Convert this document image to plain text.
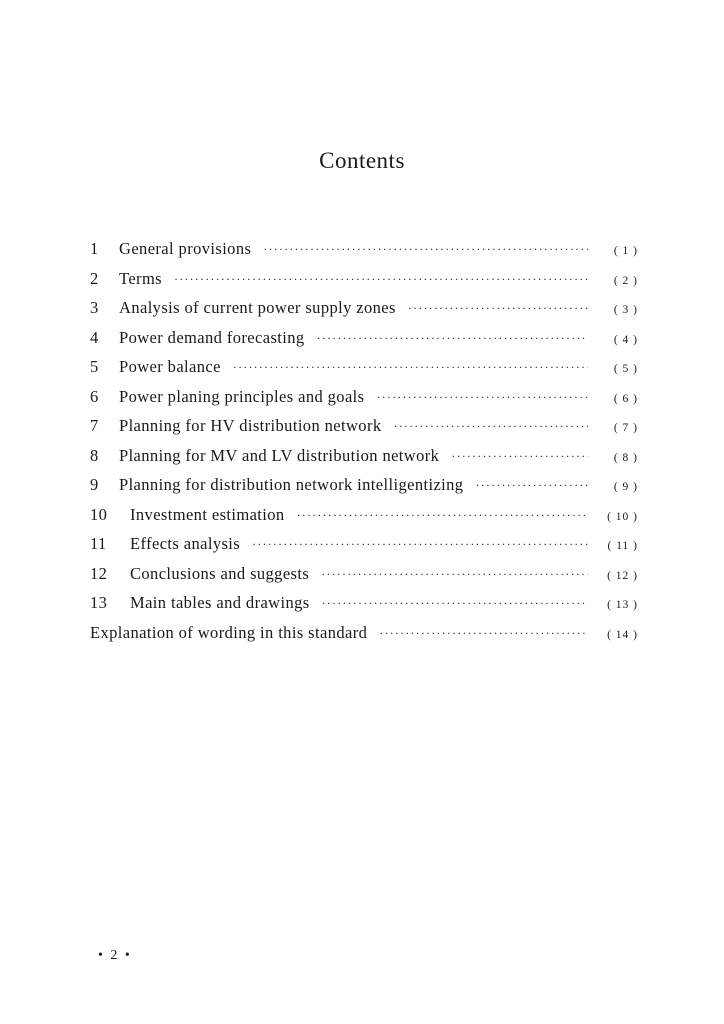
Contents
1	General provisions ·····	( 1 )
2	Terms ·····	( 2 )
3	Analysis of current power supply zones ·····	( 3 )
4	Power demand forecasting ·····	( 4 )
5	Power balance ·····	( 5 )
6	Power planing principles and goals ·····	( 6 )
7	Planning for HV distribution network ·····	( 7 )
8	Planning for MV and LV distribution network ·····	( 8 )
9	Planning for distribution network intelligentizing ·····	( 9 )
10	Investment estimation ·····	( 10 )
11	Effects analysis ·····	( 11 )
12	Conclusions and suggests ·····	( 12 )
13	Main tables and drawings ·····	( 13 )
Explanation of wording in this standard ·····	( 14 )
• 2 •
